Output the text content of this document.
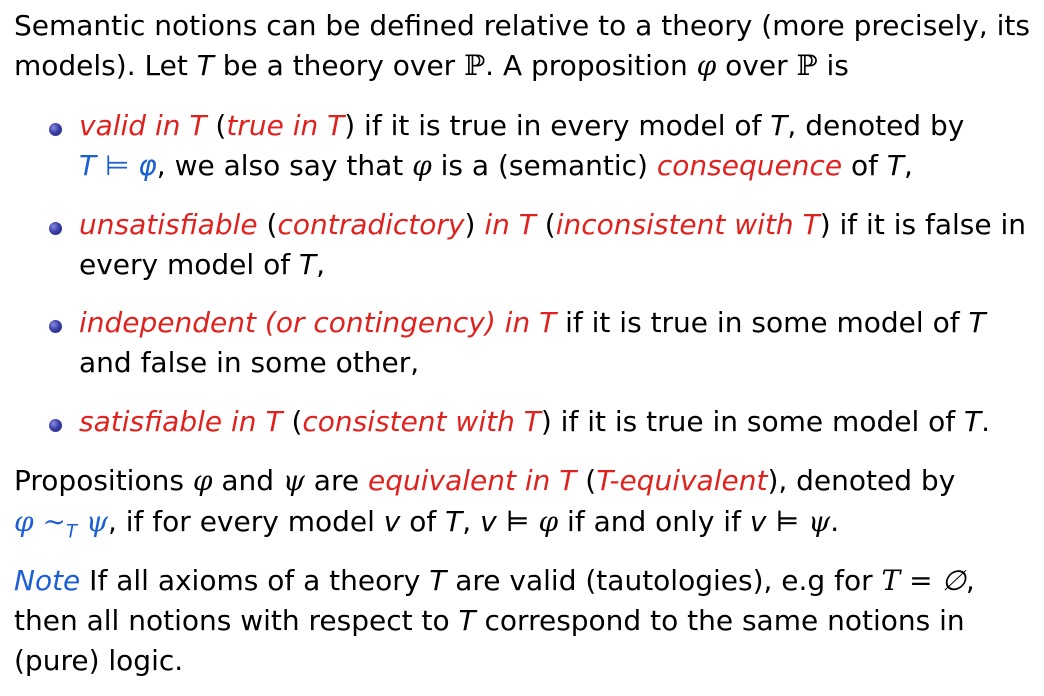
Semantic notions can be defined relative to a theory (more precisely, its
models). Let T be a theory over ℙ. A proposition φ over ℙ is
valid in T (true in T) if it is true in every model of T, denoted by
T ⊨ φ, we also say that φ is a (semantic) consequence of T,
unsatisfiable (contradictory) in T (inconsistent with T) if it is false in
every model of T,
independent (or contingency) in T if it is true in some model of T
and false in some other,
satisfiable in T (consistent with T) if it is true in some model of T.
Propositions φ and ψ are equivalent in T (T-equivalent), denoted by
φ $\sim_T$ ψ, if for every model v of T, v ⊨ φ if and only if v ⊨ ψ.
Note If all axioms of a theory T are valid (tautologies), e.g for T = ∅,
then all notions with respect to T correspond to the same notions in
(pure) logic.
